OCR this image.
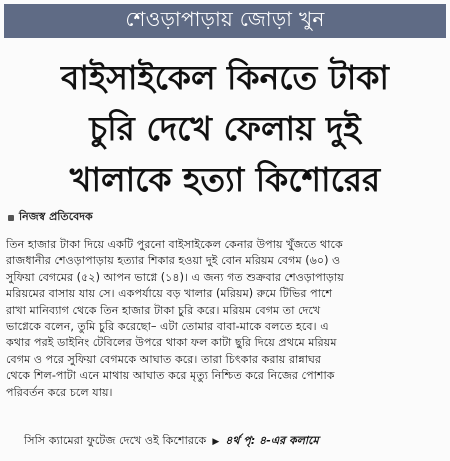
শেওড়াপাড়ায় জোড়া খুন
বাইসাইকেল কিনতে টাকা
চুরি দেখে ফেলায় দুই
খালাকে হত্যা কিশোরের
নিজস্ব প্রতিবেদক
তিন হাজার টাকা দিয়ে একটি পুরনো বাইসাইকেল কেনার উপায় খুঁজতে থাকে
রাজধানীর শেওড়াপাড়ায় হত্যার শিকার হওয়া দুই বোন মরিয়ম বেগম (৬০) ও
সুফিয়া বেগমের (৫২) আপন ভাগ্নে (১৪)। এ জন্য গত শুক্রবার শেওড়াপাড়ায়
মরিয়মের বাসায় যায় সে। একপর্যায়ে বড় খালার (মরিয়ম) রুমে টিভির পাশে
রাখা মানিব্যাগ থেকে তিন হাজার টাকা চুরি করে। মরিয়ম বেগম তা দেখে
ভাগ্নেকে বলেন, তুমি চুরি করেছো– এটা তোমার বাবা-মাকে বলতে হবে। এ
কথার পরই ডাইনিং টেবিলের উপরে থাকা ফল কাটা ছুরি দিয়ে প্রথমে মরিয়ম
বেগম ও পরে সুফিয়া বেগমকে আঘাত করে। তারা চিৎকার করায় রান্নাঘর
থেকে শিল-পাটা এনে মাথায় আঘাত করে মৃত্যু নিশ্চিত করে নিজের পোশাক
পরিবর্তন করে চলে যায়।
সিসি ক্যামেরা ফুটেজ দেখে ওই কিশোরকে ▶ ৪র্থ পৃ: ৪-এর কলামে
